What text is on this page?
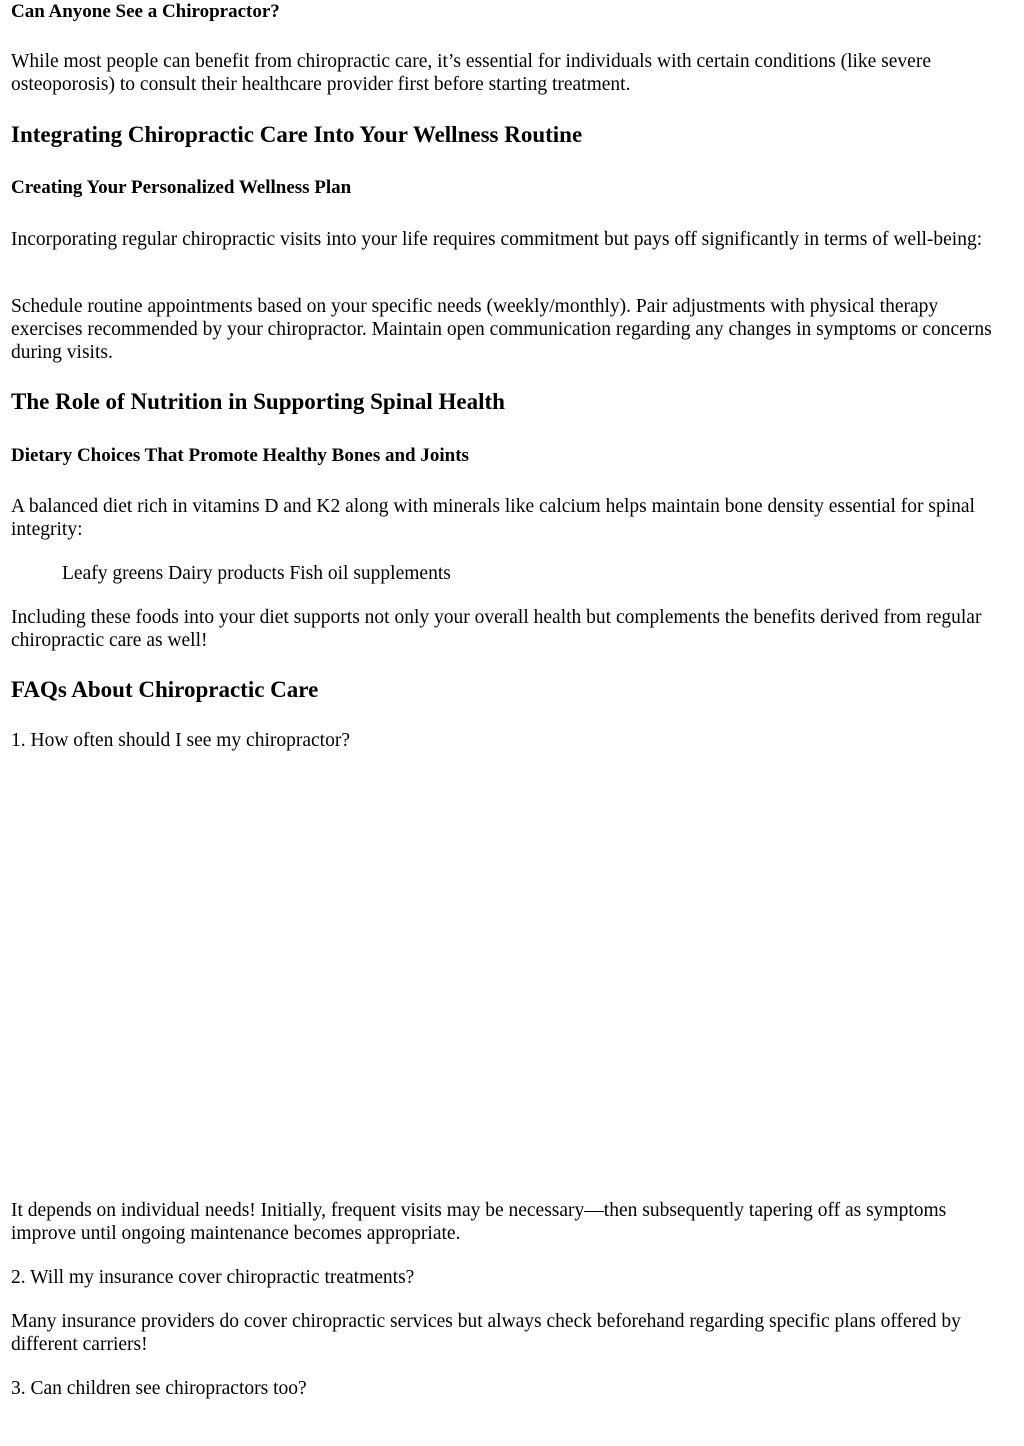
Can Anyone See a Chiropractor?

While most people can benefit from chiropractic care, it’s essential for individuals with certain conditions (like severe osteoporosis) to consult their healthcare provider first before starting treatment.

Integrating Chiropractic Care Into Your Wellness Routine
Creating Your Personalized Wellness Plan

Incorporating regular chiropractic visits into your life requires commitment but pays off significantly in terms of well-being:

Schedule routine appointments based on your specific needs (weekly/monthly). Pair adjustments with physical therapy exercises recommended by your chiropractor. Maintain open communication regarding any changes in symptoms or concerns during visits.

The Role of Nutrition in Supporting Spinal Health
Dietary Choices That Promote Healthy Bones and Joints

A balanced diet rich in vitamins D and K2 along with minerals like calcium helps maintain bone density essential for spinal integrity:

Leafy greens Dairy products Fish oil supplements

Including these foods into your diet supports not only your overall health but complements the benefits derived from regular chiropractic care as well!

FAQs About Chiropractic Care

1. How often should I see my chiropractor?

It depends on individual needs! Initially, frequent visits may be necessary—then subsequently tapering off as symptoms improve until ongoing maintenance becomes appropriate.

2. Will my insurance cover chiropractic treatments?

Many insurance providers do cover chiropractic services but always check beforehand regarding specific plans offered by different carriers!

3. Can children see chiropractors too?
